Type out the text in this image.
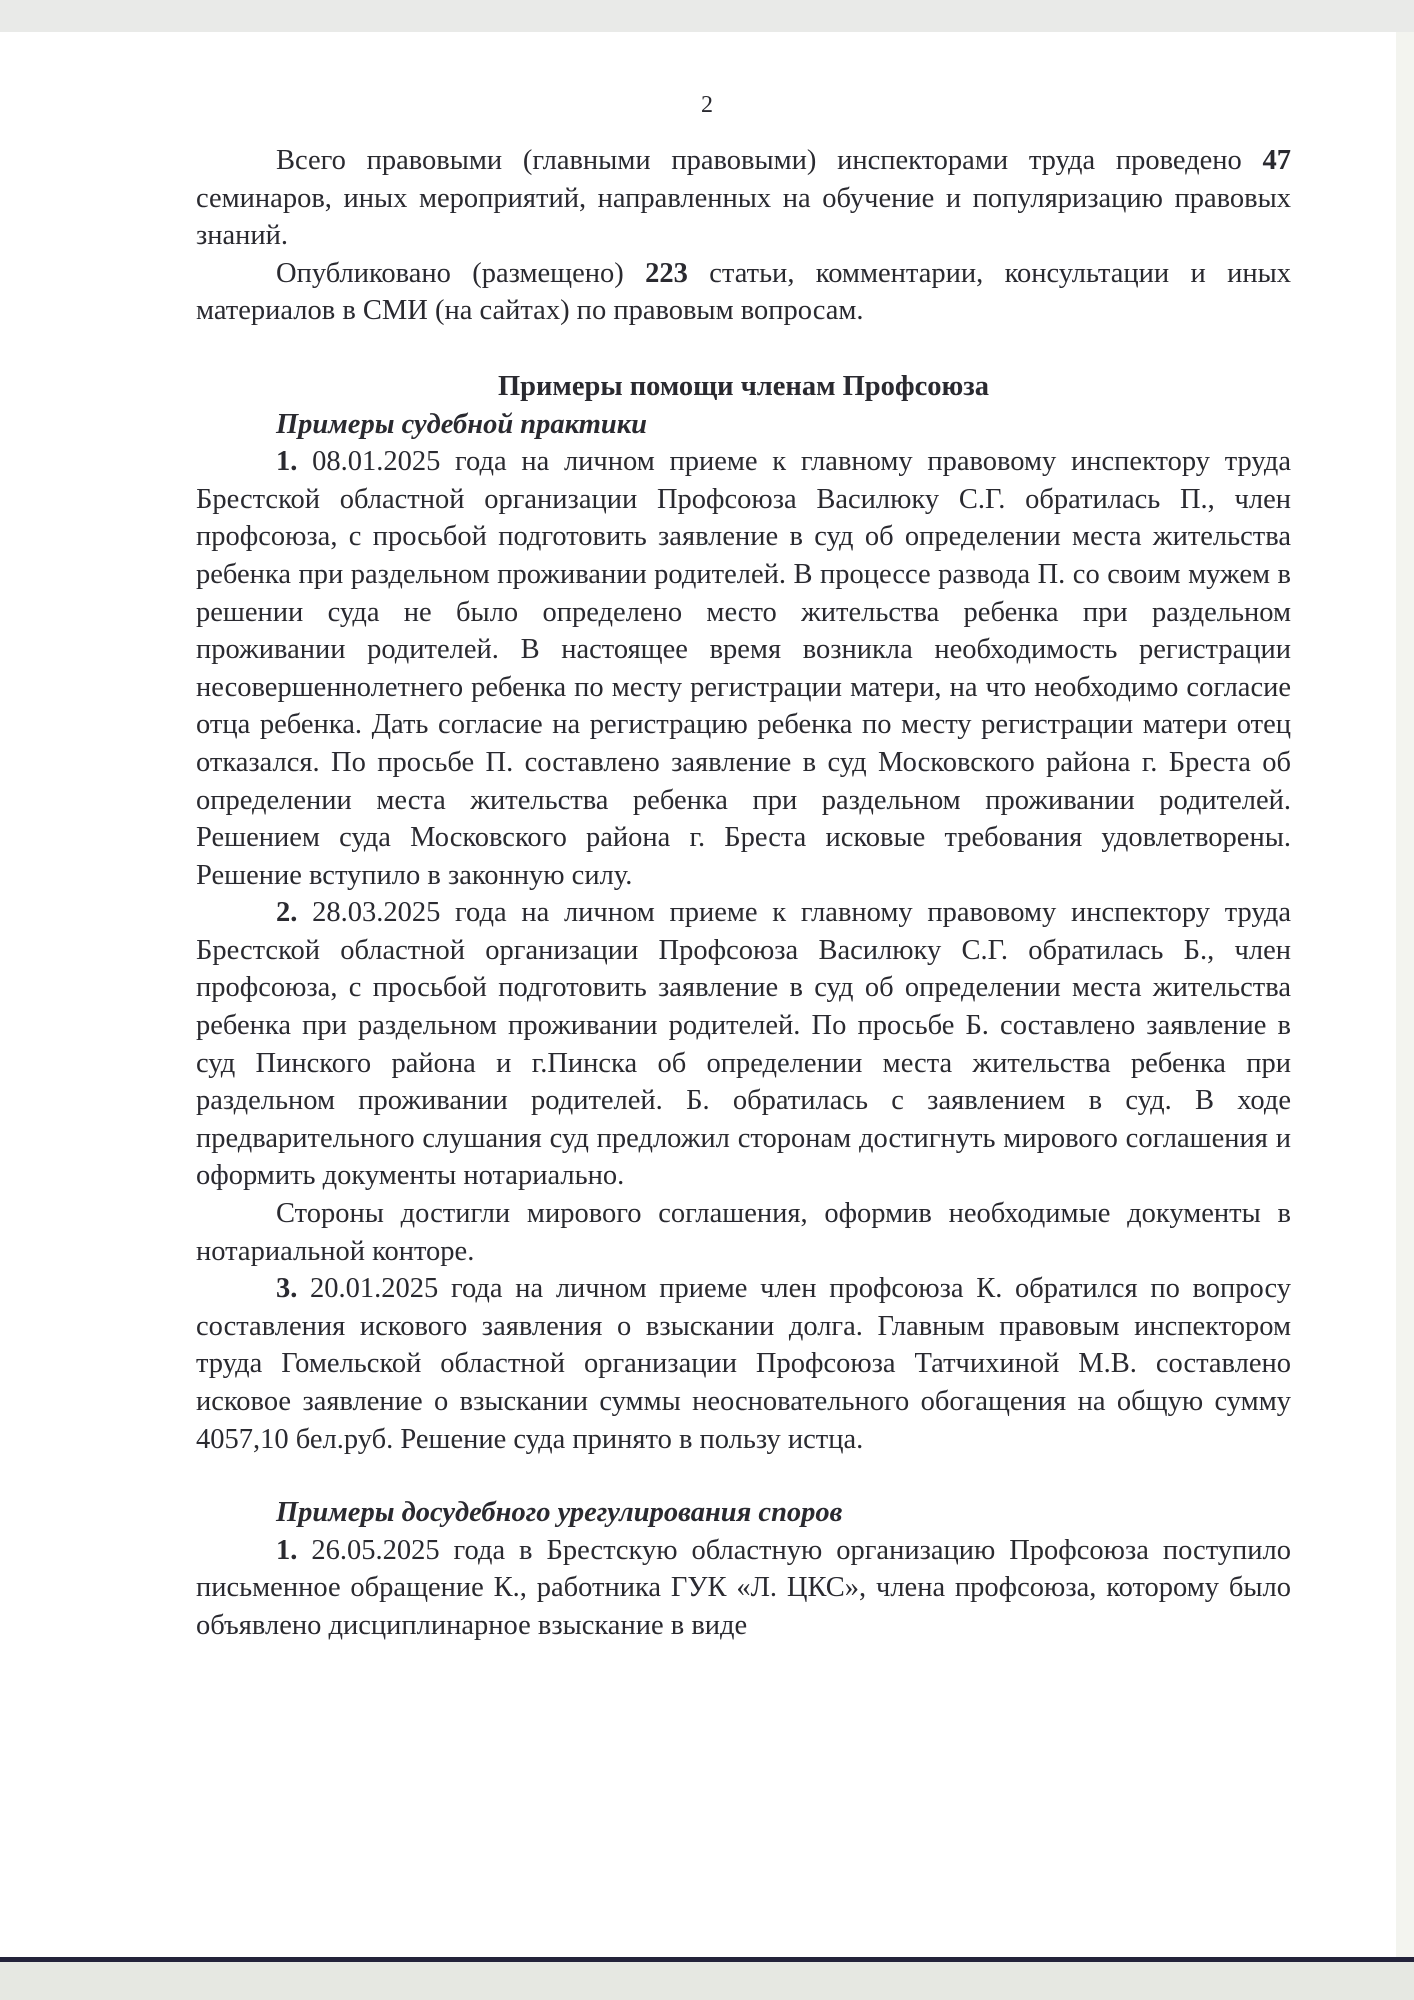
2

Всего правовыми (главными правовыми) инспекторами труда проведено 47 семинаров, иных мероприятий, направленных на обучение и популяризацию правовых знаний.

Опубликовано (размещено) 223 статьи, комментарии, консультации и иных материалов в СМИ (на сайтах) по правовым вопросам.

Примеры помощи членам Профсоюза
Примеры судебной практики

1. 08.01.2025 года на личном приеме к главному правовому инспектору труда Брестской областной организации Профсоюза Василюку С.Г. обратилась П., член профсоюза, с просьбой подготовить заявление в суд об определении места жительства ребенка при раздельном проживании родителей. В процессе развода П. со своим мужем в решении суда не было определено место жительства ребенка при раздельном проживании родителей. В настоящее время возникла необходимость регистрации несовершеннолетнего ребенка по месту регистрации матери, на что необходимо согласие отца ребенка. Дать согласие на регистрацию ребенка по месту регистрации матери отец отказался. По просьбе П. составлено заявление в суд Московского района г. Бреста об определении места жительства ребенка при раздельном проживании родителей. Решением суда Московского района г. Бреста исковые требования удовлетворены. Решение вступило в законную силу.

2. 28.03.2025 года на личном приеме к главному правовому инспектору труда Брестской областной организации Профсоюза Василюку С.Г. обратилась Б., член профсоюза, с просьбой подготовить заявление в суд об определении места жительства ребенка при раздельном проживании родителей. По просьбе Б. составлено заявление в суд Пинского района и г.Пинска об определении места жительства ребенка при раздельном проживании родителей. Б. обратилась с заявлением в суд. В ходе предварительного слушания суд предложил сторонам достигнуть мирового соглашения и оформить документы нотариально.

Стороны достигли мирового соглашения, оформив необходимые документы в нотариальной конторе.

3. 20.01.2025 года на личном приеме член профсоюза К. обратился по вопросу составления искового заявления о взыскании долга. Главным правовым инспектором труда Гомельской областной организации Профсоюза Татчихиной М.В. составлено исковое заявление о взыскании суммы неосновательного обогащения на общую сумму 4057,10 бел.руб. Решение суда принято в пользу истца.

Примеры досудебного урегулирования споров

1. 26.05.2025 года в Брестскую областную организацию Профсоюза поступило письменное обращение К., работника ГУК «Л. ЦКС», члена профсоюза, которому было объявлено дисциплинарное взыскание в виде
